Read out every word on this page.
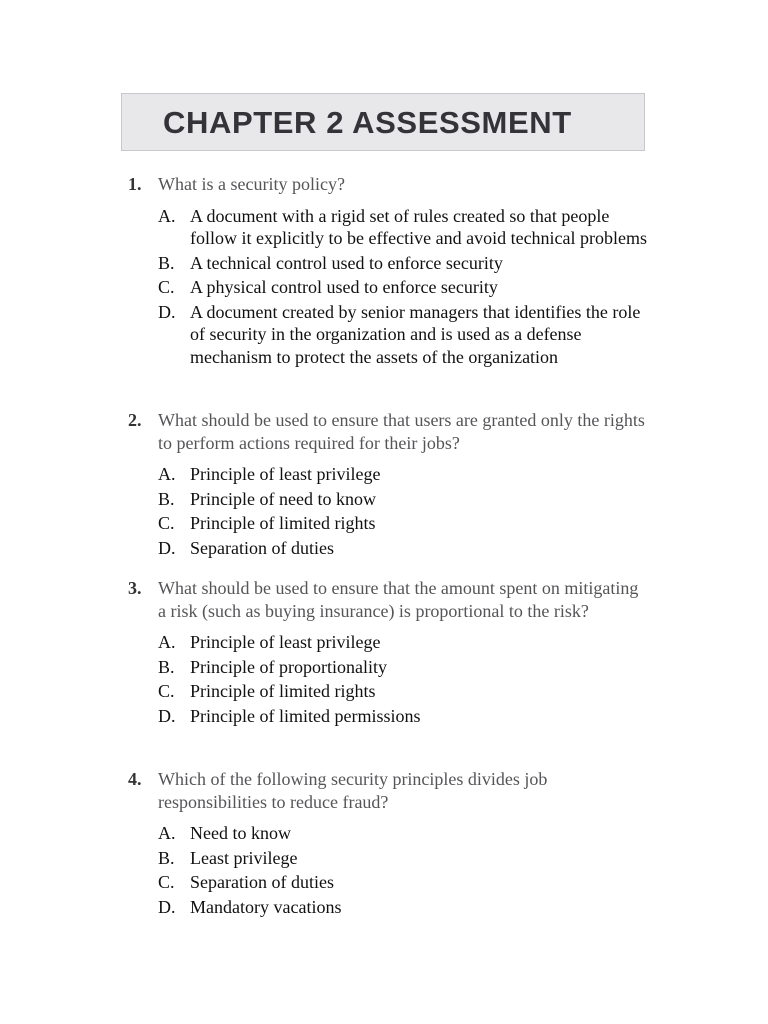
CHAPTER 2 ASSESSMENT
1. What is a security policy?
A. A document with a rigid set of rules created so that people follow it explicitly to be effective and avoid technical problems
B. A technical control used to enforce security
C. A physical control used to enforce security
D. A document created by senior managers that identifies the role of security in the organization and is used as a defense mechanism to protect the assets of the organization
2. What should be used to ensure that users are granted only the rights to perform actions required for their jobs?
A. Principle of least privilege
B. Principle of need to know
C. Principle of limited rights
D. Separation of duties
3. What should be used to ensure that the amount spent on mitigating a risk (such as buying insurance) is proportional to the risk?
A. Principle of least privilege
B. Principle of proportionality
C. Principle of limited rights
D. Principle of limited permissions
4. Which of the following security principles divides job responsibilities to reduce fraud?
A. Need to know
B. Least privilege
C. Separation of duties
D. Mandatory vacations
